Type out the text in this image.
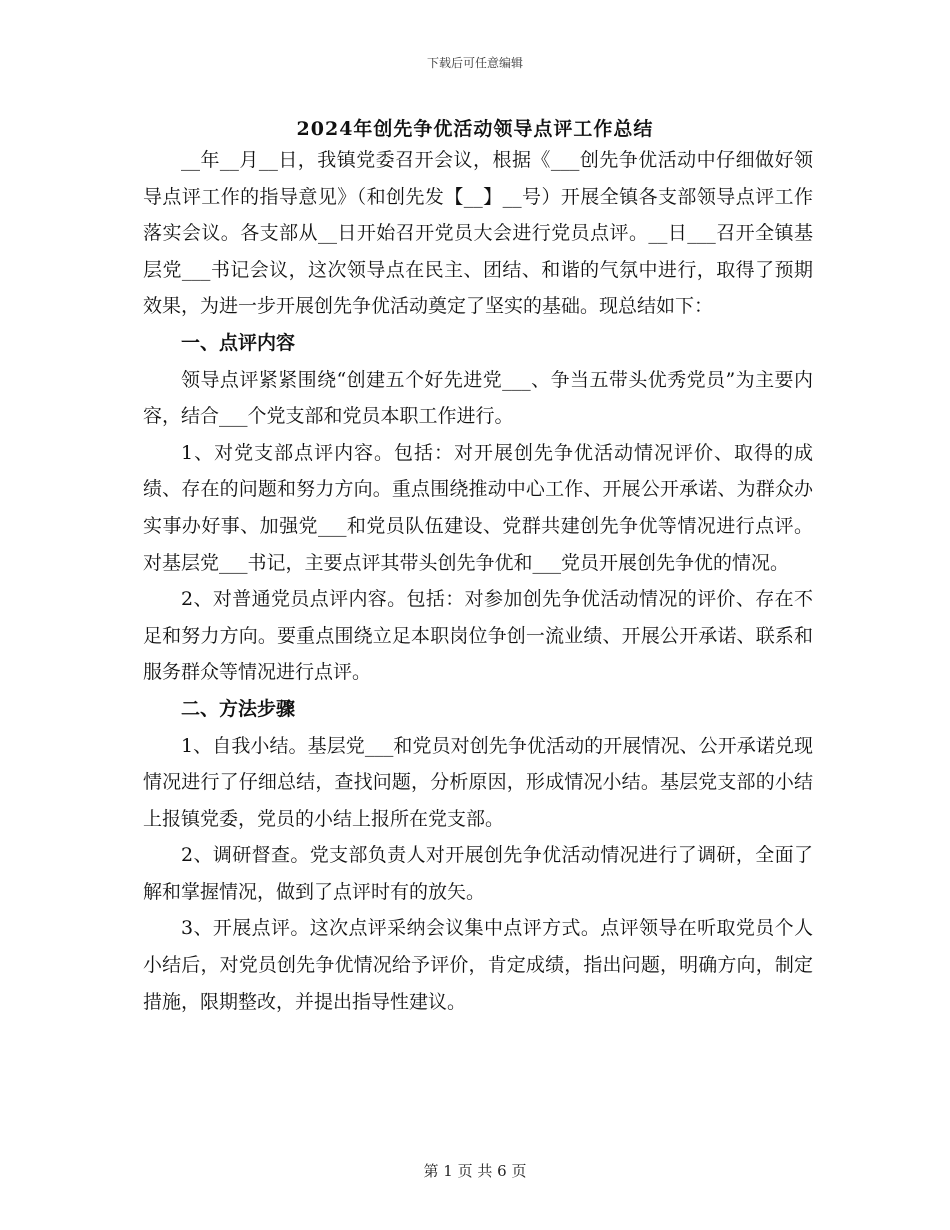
下载后可任意编辑
2024年创先争优活动领导点评工作总结

__年__月__日，我镇党委召开会议，根据《___创先争优活动中仔细做好领导点评工作的指导意见》（和创先发【__】__号）开展全镇各支部领导点评工作落实会议。各支部从__日开始召开党员大会进行党员点评。__日___召开全镇基层党___书记会议，这次领导点在民主、团结、和谐的气氛中进行，取得了预期效果，为进一步开展创先争优活动奠定了坚实的基础。现总结如下：

一、点评内容

领导点评紧紧围绕“创建五个好先进党___、争当五带头优秀党员”为主要内容，结合___个党支部和党员本职工作进行。

1、对党支部点评内容。包括：对开展创先争优活动情况评价、取得的成绩、存在的问题和努力方向。重点围绕推动中心工作、开展公开承诺、为群众办实事办好事、加强党___和党员队伍建设、党群共建创先争优等情况进行点评。对基层党___书记，主要点评其带头创先争优和___党员开展创先争优的情况。

2、对普通党员点评内容。包括：对参加创先争优活动情况的评价、存在不足和努力方向。要重点围绕立足本职岗位争创一流业绩、开展公开承诺、联系和服务群众等情况进行点评。

二、方法步骤

1、自我小结。基层党___和党员对创先争优活动的开展情况、公开承诺兑现情况进行了仔细总结，查找问题，分析原因，形成情况小结。基层党支部的小结上报镇党委，党员的小结上报所在党支部。

2、调研督查。党支部负责人对开展创先争优活动情况进行了调研，全面了解和掌握情况，做到了点评时有的放矢。

3、开展点评。这次点评采纳会议集中点评方式。点评领导在听取党员个人小结后，对党员创先争优情况给予评价，肯定成绩，指出问题，明确方向，制定措施，限期整改，并提出指导性建议。

第 1 页 共 6 页
